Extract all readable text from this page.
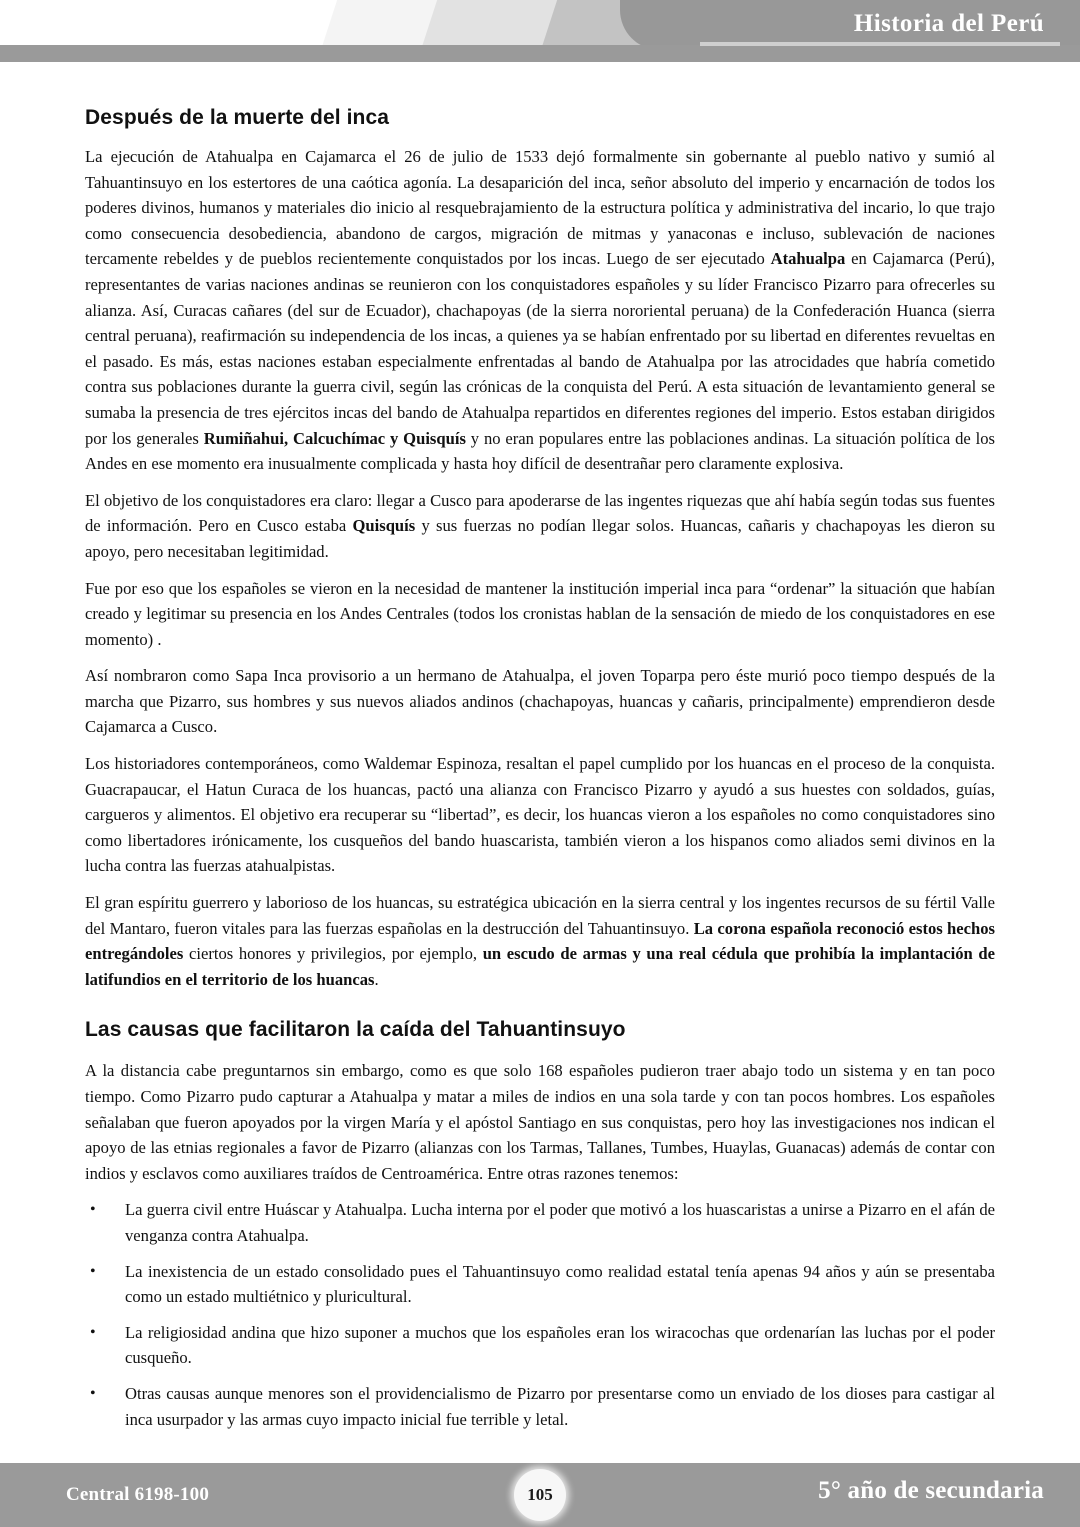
Historia del Perú
Después de la muerte del inca

La ejecución de Atahualpa en Cajamarca el 26 de julio de 1533 dejó formalmente sin gobernante al pueblo nativo y sumió al Tahuantinsuyo en los estertores de una caótica agonía. La desaparición del inca, señor absoluto del imperio y encarnación de todos los poderes divinos, humanos y materiales dio inicio al resquebrajamiento de la estructura política y administrativa del incario, lo que trajo como consecuencia desobediencia, abandono de cargos, migración de mitmas y yanaconas e incluso, sublevación de naciones tercamente rebeldes y de pueblos recientemente conquistados por los incas. Luego de ser ejecutado Atahualpa en Cajamarca (Perú), representantes de varias naciones andinas se reunieron con los conquistadores españoles y su líder Francisco Pizarro para ofrecerles su alianza. Así, Curacas cañares (del sur de Ecuador), chachapoyas (de la sierra nororiental peruana) de la Confederación Huanca (sierra central peruana), reafirmación su independencia de los incas, a quienes ya se habían enfrentado por su libertad en diferentes revueltas en el pasado. Es más, estas naciones estaban especialmente enfrentadas al bando de Atahualpa por las atrocidades que habría cometido contra sus poblaciones durante la guerra civil, según las crónicas de la conquista del Perú. A esta situación de levantamiento general se sumaba la presencia de tres ejércitos incas del bando de Atahualpa repartidos en diferentes regiones del imperio. Estos estaban dirigidos por los generales Rumiñahui, Calcuchímac y Quisquís y no eran populares entre las poblaciones andinas. La situación política de los Andes en ese momento era inusualmente complicada y hasta hoy difícil de desentrañar pero claramente explosiva.

El objetivo de los conquistadores era claro: llegar a Cusco para apoderarse de las ingentes riquezas que ahí había según todas sus fuentes de información. Pero en Cusco estaba Quisquís y sus fuerzas no podían llegar solos. Huancas, cañaris y chachapoyas les dieron su apoyo, pero necesitaban legitimidad.

Fue por eso que los españoles se vieron en la necesidad de mantener la institución imperial inca para “ordenar” la situación que habían creado y legitimar su presencia en los Andes Centrales (todos los cronistas hablan de la sensación de miedo de los conquistadores en ese momento) .

Así nombraron como Sapa Inca provisorio a un hermano de Atahualpa, el joven Toparpa pero éste murió poco tiempo después de la marcha que Pizarro, sus hombres y sus nuevos aliados andinos (chachapoyas, huancas y cañaris, principalmente) emprendieron desde Cajamarca a Cusco.

Los historiadores contemporáneos, como Waldemar Espinoza, resaltan el papel cumplido por los huancas en el proceso de la conquista. Guacrapaucar, el Hatun Curaca de los huancas, pactó una alianza con Francisco Pizarro y ayudó a sus huestes con soldados, guías, cargueros y alimentos. El objetivo era recuperar su “libertad”, es decir, los huancas vieron a los españoles no como conquistadores sino como libertadores irónicamente, los cusqueños del bando huascarista, también vieron a los hispanos como aliados semi divinos en la lucha contra las fuerzas atahualpistas.

El gran espíritu guerrero y laborioso de los huancas, su estratégica ubicación en la sierra central y los ingentes recursos de su fértil Valle del Mantaro, fueron vitales para las fuerzas españolas en la destrucción del Tahuantinsuyo. La corona española reconoció estos hechos entregándoles ciertos honores y privilegios, por ejemplo, un escudo de armas y una real cédula que prohibía la implantación de latifundios en el territorio de los huancas.

Las causas que facilitaron la caída del Tahuantinsuyo

A la distancia cabe preguntarnos sin embargo, como es que solo 168 españoles pudieron traer abajo todo un sistema y en tan poco tiempo. Como Pizarro pudo capturar a Atahualpa y matar a miles de indios en una sola tarde y con tan pocos hombres. Los españoles señalaban que fueron apoyados por la virgen María y el apóstol Santiago en sus conquistas, pero hoy las investigaciones nos indican el apoyo de las etnias regionales a favor de Pizarro (alianzas con los Tarmas, Tallanes, Tumbes, Huaylas, Guanacas) además de contar con indios y esclavos como auxiliares traídos de Centroamérica. Entre otras razones tenemos:

• La guerra civil entre Huáscar y Atahualpa. Lucha interna por el poder que motivó a los huascaristas a unirse a Pizarro en el afán de venganza contra Atahualpa.
• La inexistencia de un estado consolidado pues el Tahuantinsuyo como realidad estatal tenía apenas 94 años y aún se presentaba como un estado multiétnico y pluricultural.
• La religiosidad andina que hizo suponer a muchos que los españoles eran los wiracochas que ordenarían las luchas por el poder cusqueño.
• Otras causas aunque menores son el providencialismo de Pizarro por presentarse como un enviado de los dioses para castigar al inca usurpador y las armas cuyo impacto inicial fue terrible y letal.
Central 6198-100	105	5° año de secundaria
